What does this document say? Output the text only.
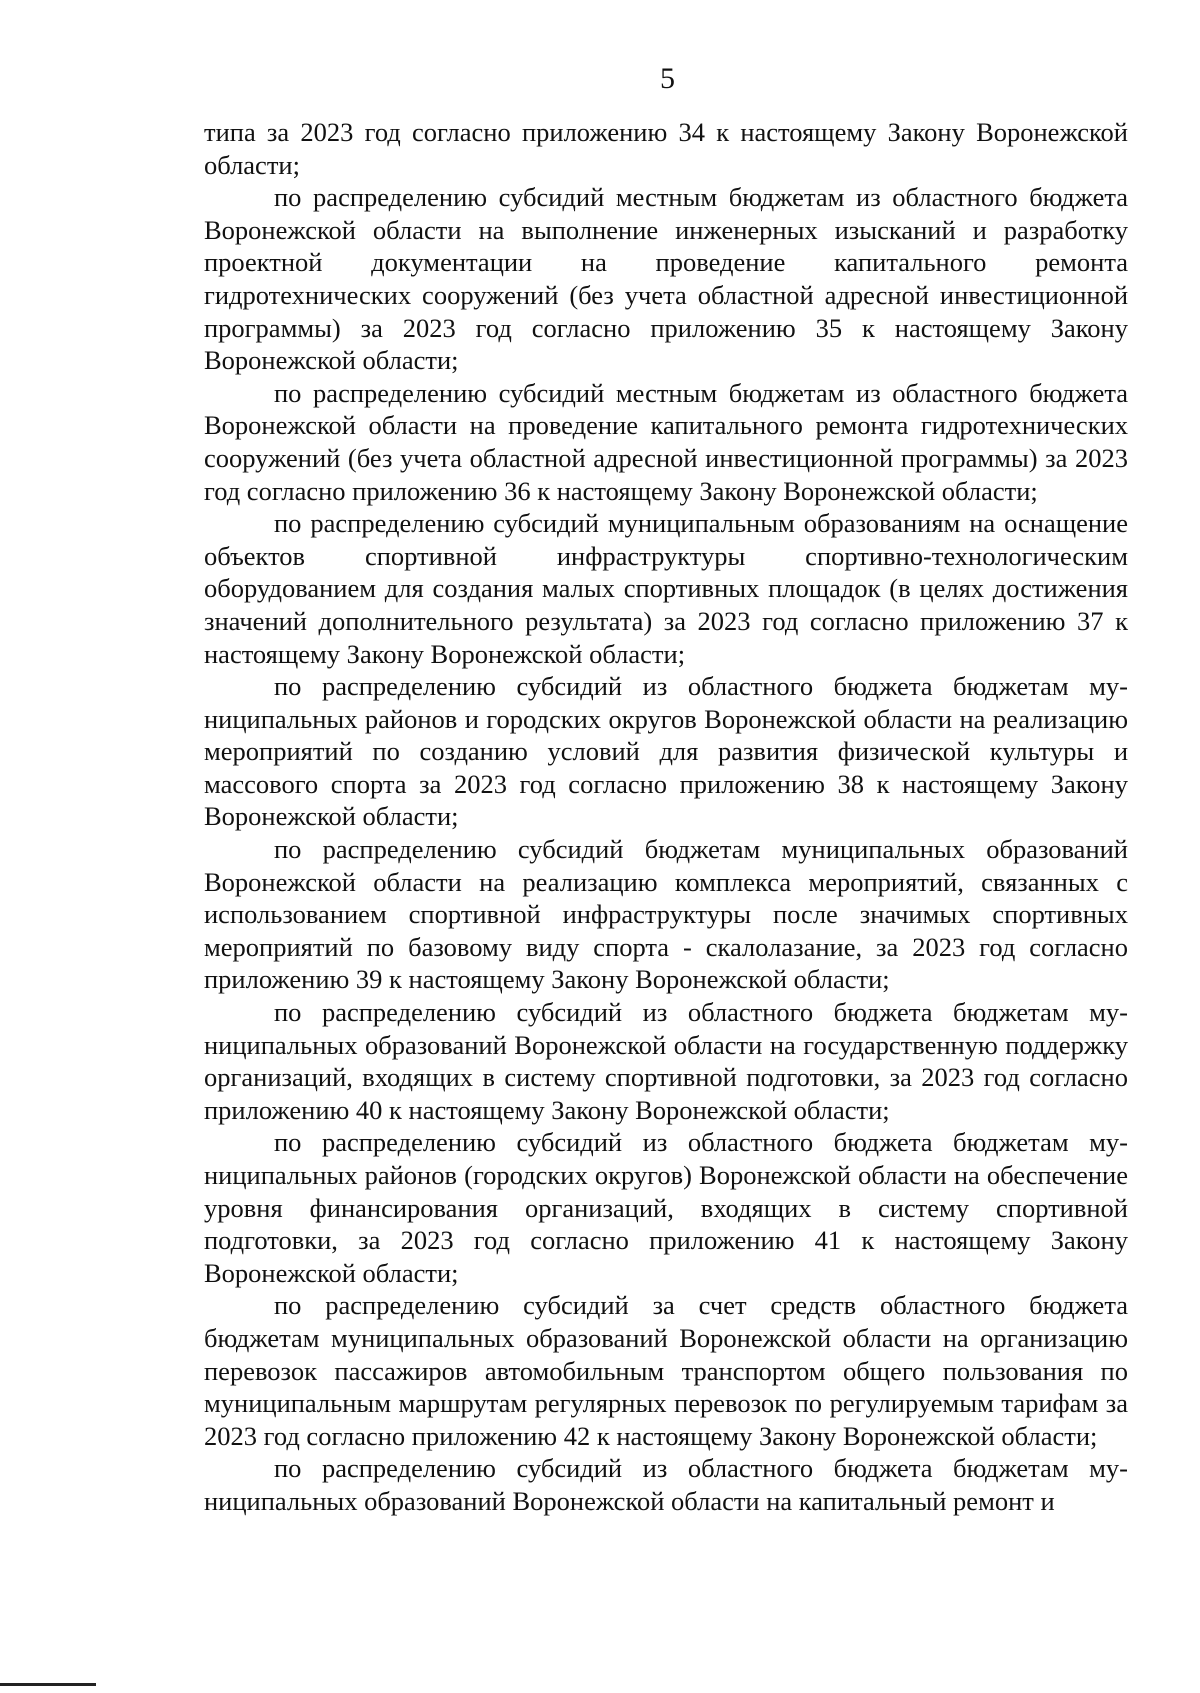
5

типа за 2023 год согласно приложению 34 к настоящему Закону Воронежской области;

по распределению субсидий местным бюджетам из областного бюджета Воронежской области на выполнение инженерных изысканий и разработку проектной документации на проведение капитального ремонта гидротехнических сооружений (без учета областной адресной инвестиционной программы) за 2023 год согласно приложению 35 к настоящему Закону Воронежской области;

по распределению субсидий местным бюджетам из областного бюджета Воронежской области на проведение капитального ремонта гидротехнических сооружений (без учета областной адресной инвестиционной программы) за 2023 год согласно приложению 36 к настоящему Закону Воронежской области;

по распределению субсидий муниципальным образованиям на оснащение объектов спортивной инфраструктуры спортивно-технологическим оборудованием для создания малых спортивных площадок (в целях достижения значений дополнительного результата) за 2023 год согласно приложению 37 к настоящему Закону Воронежской области;

по распределению субсидий из областного бюджета бюджетам муниципальных районов и городских округов Воронежской области на реализацию мероприятий по созданию условий для развития физической культуры и массового спорта за 2023 год согласно приложению 38 к настоящему Закону Воронежской области;

по распределению субсидий бюджетам муниципальных образований Воронежской области на реализацию комплекса мероприятий, связанных с использованием спортивной инфраструктуры после значимых спортивных мероприятий по базовому виду спорта - скалолазание, за 2023 год согласно приложению 39 к настоящему Закону Воронежской области;

по распределению субсидий из областного бюджета бюджетам муниципальных образований Воронежской области на государственную поддержку организаций, входящих в систему спортивной подготовки, за 2023 год согласно приложению 40 к настоящему Закону Воронежской области;

по распределению субсидий из областного бюджета бюджетам муниципальных районов (городских округов) Воронежской области на обеспечение уровня финансирования организаций, входящих в систему спортивной подготовки, за 2023 год согласно приложению 41 к настоящему Закону Воронежской области;

по распределению субсидий за счет средств областного бюджета бюджетам муниципальных образований Воронежской области на организацию перевозок пассажиров автомобильным транспортом общего пользования по муниципальным маршрутам регулярных перевозок по регулируемым тарифам за 2023 год согласно приложению 42 к настоящему Закону Воронежской области;

по распределению субсидий из областного бюджета бюджетам муниципальных образований Воронежской области на капитальный ремонт и
